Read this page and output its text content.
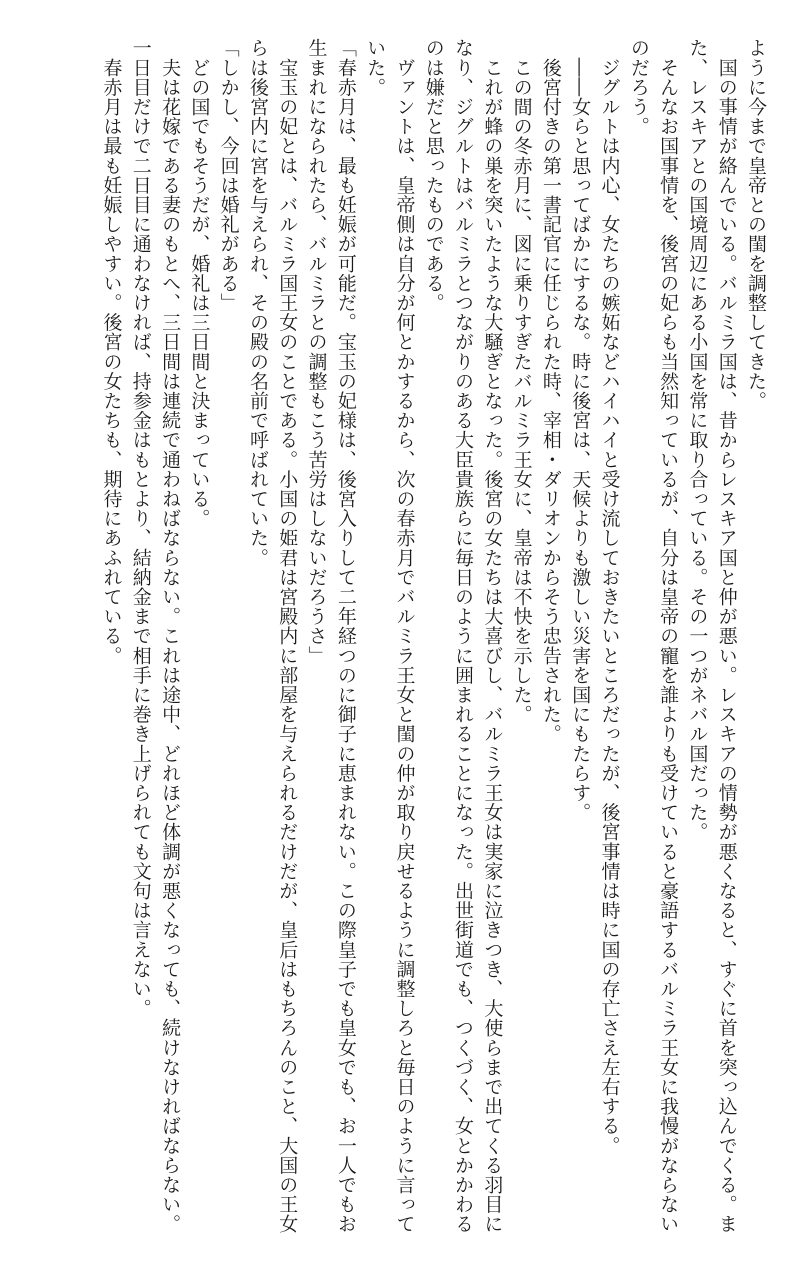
ように今まで皇帝との閨を調整してきた。

　国の事情が絡んでいる。バルミラ国は、昔からレスキア国と仲が悪い。レスキアの情勢が悪くなると、すぐに首を突っ込んでくる。また、レスキアとの国境周辺にある小国を常に取り合っている。その一つがネバル国だった。

　そんなお国事情を、後宮の妃らも当然知っているが、自分は皇帝の寵を誰よりも受けていると豪語するバルミラ王女に我慢がならないのだろう。

　ジグルトは内心、女たちの嫉妬などハイハイと受け流しておきたいところだったが、後宮事情は時に国の存亡さえ左右する。

　――女らと思ってばかにするな。時に後宮は、天候よりも激しい災害を国にもたらす。

　後宮付きの第一書記官に任じられた時、宰相・ダリオンからそう忠告された。

　この間の冬赤月に、図に乗りすぎたバルミラ王女に、皇帝は不快を示した。

　これが蜂の巣を突いたような大騒ぎとなった。後宮の女たちは大喜びし、バルミラ王女は実家に泣きつき、大使らまで出てくる羽目になり、ジグルトはバルミラとつながりのある大臣貴族らに毎日のように囲まれることになった。出世街道でも、つくづく、女とかかわるのは嫌だと思ったものである。

　ヴァントは、皇帝側は自分が何とかするから、次の春赤月でバルミラ王女と閨の仲が取り戻せるように調整しろと毎日のように言っていた。

「春赤月は、最も妊娠が可能だ。宝玉の妃様は、後宮入りして二年経つのに御子に恵まれない。この際皇子でも皇女でも、お一人でもお生まれになられたら、バルミラとの調整もこう苦労はしないだろうさ」

　宝玉の妃とは、バルミラ国王女のことである。小国の姫君は宮殿内に部屋を与えられるだけだが、皇后はもちろんのこと、大国の王女らは後宮内に宮を与えられ、その殿の名前で呼ばれていた。

「しかし、今回は婚礼がある」

　どの国でもそうだが、婚礼は三日間と決まっている。

　夫は花嫁である妻のもとへ、三日間は連続で通わねばならない。これは途中、どれほど体調が悪くなっても、続けなければならない。一日目だけで二日目に通わなければ、持参金はもとより、結納金まで相手に巻き上げられても文句は言えない。

　春赤月は最も妊娠しやすい。後宮の女たちも、期待にあふれている。
